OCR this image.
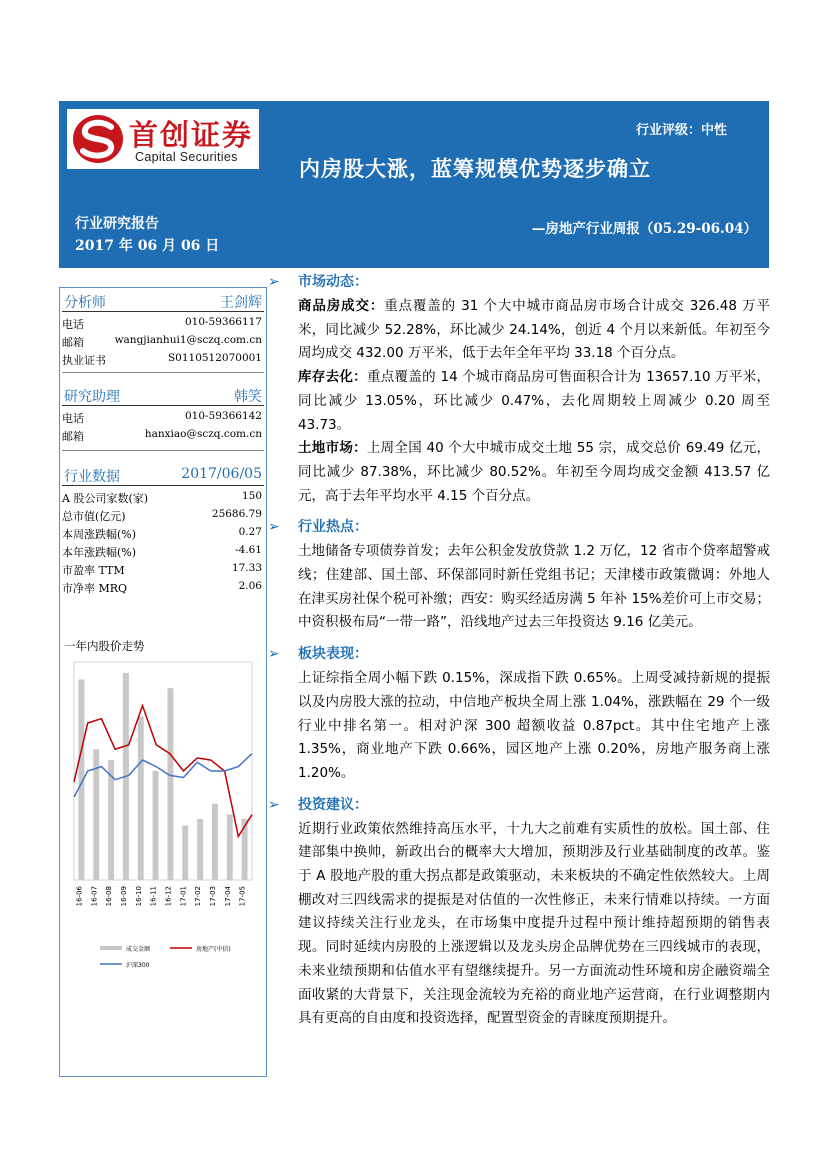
首创证券
Capital Securities
行业评级：中性
内房股大涨，蓝筹规模优势逐步确立
行业研究报告
2017 年 06 月 06 日
—房地产行业周报（05.29-06.04）
分析师	王剑辉
电话	010-59366117
邮箱	wangjianhui1@sczq.com.cn
执业证书	S0110512070001
研究助理	韩笑
电话	010-59366142
邮箱	hanxiao@sczq.com.cn
行业数据	2017/06/05
A 股公司家数(家)	150
总市值(亿元)	25686.79
本周涨跌幅(%)	0.27
本年涨跌幅(%)	-4.61
市盈率 TTM	17.33
市净率 MRQ	2.06
一年内股价走势
16-06 16-07 16-08 16-09 16-10 16-11 16-12 17-01 17-02 17-03 17-04 17-05
成交金额	房地产(中信)
沪深300
➢ 市场动态：
商品房成交：重点覆盖的 31 个大中城市商品房市场合计成交 326.48 万平米，同比减少 52.28%，环比减少 24.14%，创近 4 个月以来新低。年初至今周均成交 432.00 万平米，低于去年全年平均 33.18 个百分点。
库存去化：重点覆盖的 14 个城市商品房可售面积合计为 13657.10 万平米，同比减少 13.05%，环比减少 0.47%，去化周期较上周减少 0.20 周至 43.73。
土地市场：上周全国 40 个大中城市成交土地 55 宗，成交总价 69.49 亿元，同比减少 87.38%，环比减少 80.52%。年初至今周均成交金额 413.57 亿元，高于去年平均水平 4.15 个百分点。
➢ 行业热点：
土地储备专项债券首发；去年公积金发放贷款 1.2 万亿，12 省市个贷率超警戒线；住建部、国土部、环保部同时新任党组书记；天津楼市政策微调：外地人在津买房社保个税可补缴；西安：购买经适房满 5 年补 15%差价可上市交易；中资积极布局“一带一路”，沿线地产过去三年投资达 9.16 亿美元。
➢ 板块表现：
上证综指全周小幅下跌 0.15%，深成指下跌 0.65%。上周受减持新规的提振以及内房股大涨的拉动，中信地产板块全周上涨 1.04%，涨跌幅在 29 个一级行业中排名第一。相对沪深 300 超额收益 0.87pct。其中住宅地产上涨 1.35%，商业地产下跌 0.66%，园区地产上涨 0.20%，房地产服务商上涨 1.20%。
➢ 投资建议：
近期行业政策依然维持高压水平，十九大之前难有实质性的放松。国土部、住建部集中换帅，新政出台的概率大大增加，预期涉及行业基础制度的改革。鉴于 A 股地产股的重大拐点都是政策驱动，未来板块的不确定性依然较大。上周棚改对三四线需求的提振是对估值的一次性修正，未来行情难以持续。一方面建议持续关注行业龙头，在市场集中度提升过程中预计维持超预期的销售表现。同时延续内房股的上涨逻辑以及龙头房企品牌优势在三四线城市的表现，未来业绩预期和估值水平有望继续提升。另一方面流动性环境和房企融资端全面收紧的大背景下，关注现金流较为充裕的商业地产运营商，在行业调整期内具有更高的自由度和投资选择，配置型资金的青睐度预期提升。
